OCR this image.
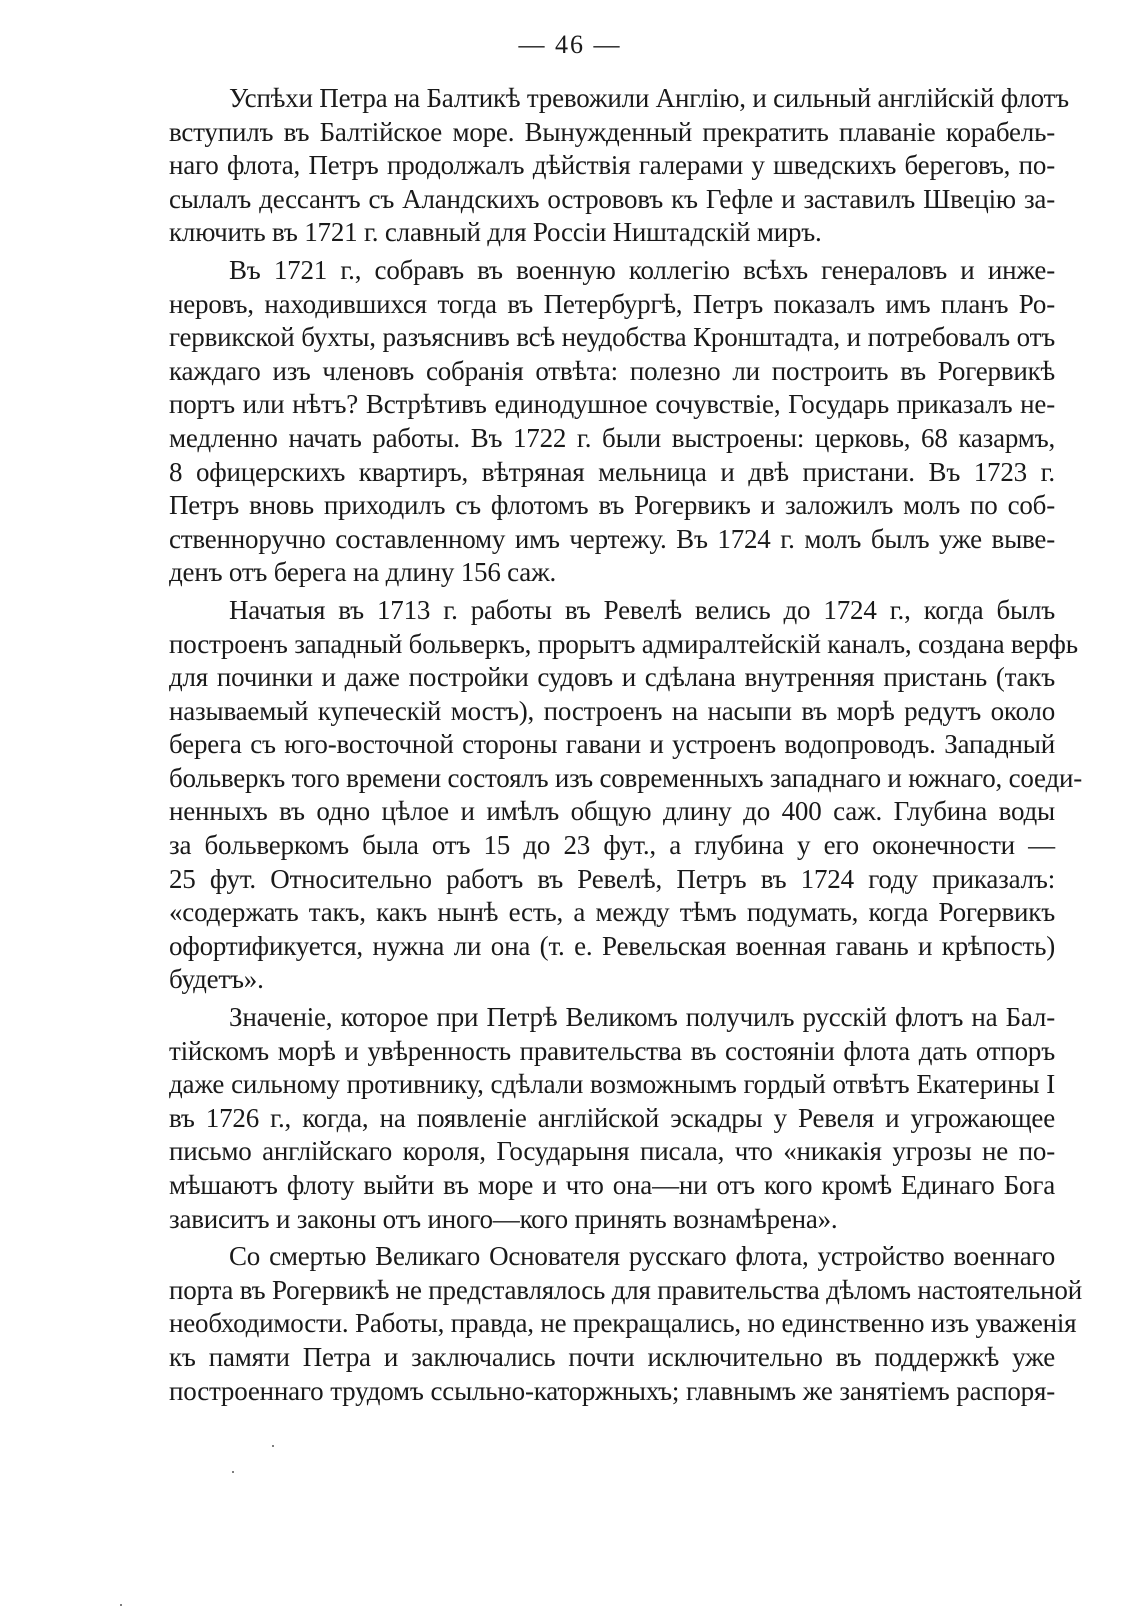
— 46 —

Успѣхи Петра на Балтикѣ тревожили Англію, и сильный англійскій флотъ
вступилъ въ Балтійское море. Вынужденный прекратить плаваніе корабель-
наго флота, Петръ продолжалъ дѣйствія галерами у шведскихъ береговъ, по-
сылалъ дессантъ съ Аландскихъ острововъ къ Гефле и заставилъ Швецію за-
ключить въ 1721 г. славный для Россіи Ништадскій миръ.

Въ 1721 г., собравъ въ военную коллегію всѣхъ генераловъ и инже-
неровъ, находившихся тогда въ Петербургѣ, Петръ показалъ имъ планъ Ро-
гервикской бухты, разъяснивъ всѣ неудобства Кронштадта, и потребовалъ отъ
каждаго изъ членовъ собранія отвѣта: полезно ли построить въ Рогервикѣ
портъ или нѣтъ? Встрѣтивъ единодушное сочувствіе, Государь приказалъ не-
медленно начать работы. Въ 1722 г. были выстроены: церковь, 68 казармъ,
8 офицерскихъ квартиръ, вѣтряная мельница и двѣ пристани. Въ 1723 г.
Петръ вновь приходилъ съ флотомъ въ Рогервикъ и заложилъ молъ по соб-
ственноручно составленному имъ чертежу. Въ 1724 г. молъ былъ уже выве-
денъ отъ берега на длину 156 саж.

Начатыя въ 1713 г. работы въ Ревелѣ велись до 1724 г., когда былъ
построенъ западный больверкъ, прорытъ адмиралтейскій каналъ, создана верфь
для починки и даже постройки судовъ и сдѣлана внутренняя пристань (такъ
называемый купеческій мостъ), построенъ на насыпи въ морѣ редутъ около
берега съ юго-восточной стороны гавани и устроенъ водопроводъ. Западный
больверкъ того времени состоялъ изъ современныхъ западнаго и южнаго, соеди-
ненныхъ въ одно цѣлое и имѣлъ общую длину до 400 саж. Глубина воды
за больверкомъ была отъ 15 до 23 фут., а глубина у его оконечности —
25 фут. Относительно работъ въ Ревелѣ, Петръ въ 1724 году приказалъ:
«содержать такъ, какъ нынѣ есть, а между тѣмъ подумать, когда Рогервикъ
офортификуется, нужна ли она (т. е. Ревельская военная гавань и крѣпость)
будетъ».

Значеніе, которое при Петрѣ Великомъ получилъ русскій флотъ на Бал-
тійскомъ морѣ и увѣренность правительства въ состояніи флота дать отпоръ
даже сильному противнику, сдѣлали возможнымъ гордый отвѣтъ Екатерины I
въ 1726 г., когда, на появленіе англійской эскадры у Ревеля и угрожающее
письмо англійскаго короля, Государыня писала, что «никакія угрозы не по-
мѣшаютъ флоту выйти въ море и что она—ни отъ кого кромѣ Единаго Бога
зависитъ и законы отъ иного—кого принять вознамѣрена».

Со смертью Великаго Основателя русскаго флота, устройство военнаго
порта въ Рогервикѣ не представлялось для правительства дѣломъ настоятельной
необходимости. Работы, правда, не прекращались, но единственно изъ уваженія
къ памяти Петра и заключались почти исключительно въ поддержкѣ уже
построеннаго трудомъ ссыльно-каторжныхъ; главнымъ же занятіемъ распоря-
